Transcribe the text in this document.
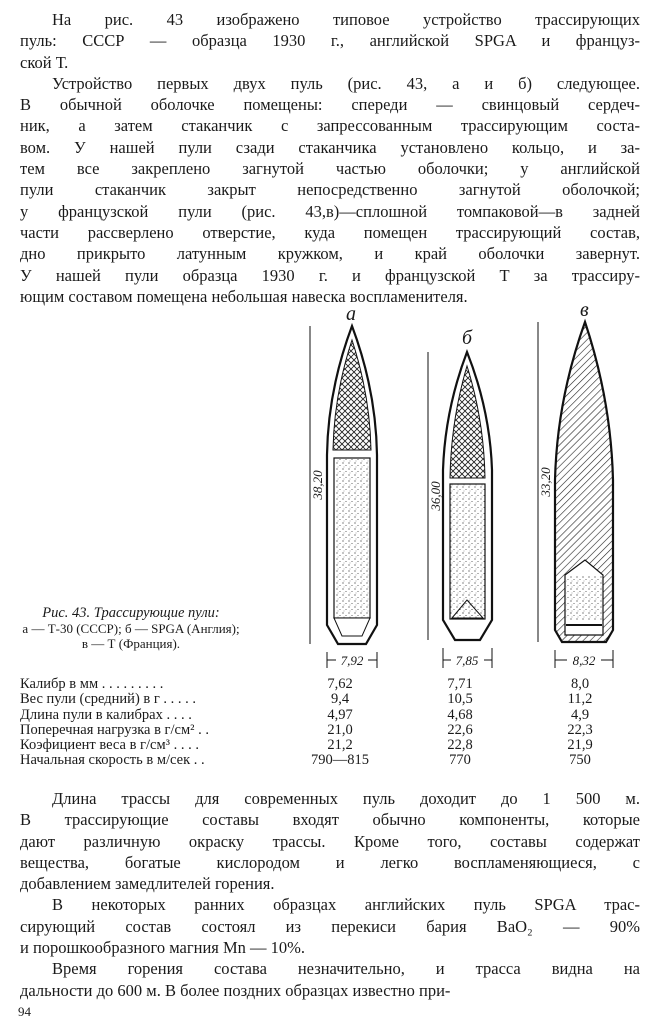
На рис. 43 изображено типовое устройство трассирующих
пуль: СССР — образца 1930 г., английской SPGA и француз-
ской Т.
Устройство первых двух пуль (рис. 43, а и б) следующее.
В обычной оболочке помещены: спереди — свинцовый сердеч-
ник, а затем стаканчик с запрессованным трассирующим соста-
вом. У нашей пули сзади стаканчика установлено кольцо, и за-
тем все закреплено загнутой частью оболочки; у английской
пули стаканчик закрыт непосредственно загнутой оболочкой;
у французской пули (рис. 43,в)—сплошной томпаковой—в задней
части рассверлено отверстие, куда помещен трассирующий состав,
дно прикрыто латунным кружком, и край оболочки завернут.
У нашей пули образца 1930 г. и французской Т за трассиру-
ющим составом помещена небольшая навеска воспламенителя.
а
б
в
38,20	36,00	33,20
7,92	7,85	8,32
Рис. 43. Трассирующие пули:
а — Т-30 (СССР); б — SPGA (Англия);
в — Т (Франция).
Калибр в мм . . . . . . . . .	7,62	7,71	8,0
Вес пули (средний) в г . . . . .	9,4	10,5	11,2
Длина пули в калибрах . . . .	4,97	4,68	4,9
Поперечная нагрузка в г/см² . .	21,0	22,6	22,3
Коэфициент веса в г/см³ . . . .	21,2	22,8	21,9
Начальная скорость в м/сек . .	790—815	770	750
Длина трассы для современных пуль доходит до 1 500 м.
В трассирующие составы входят обычно компоненты, которые
дают различную окраску трассы. Кроме того, составы содержат
вещества, богатые кислородом и легко воспламеняющиеся, с
добавлением замедлителей горения.
В некоторых ранних образцах английских пуль SPGA трас-
сирующий состав состоял из перекиси бария BaO₂ — 90%
и порошкообразного магния Mn — 10%.
Время горения состава незначительно, и трасса видна на
дальности до 600 м. В более поздних образцах известно при-
94
